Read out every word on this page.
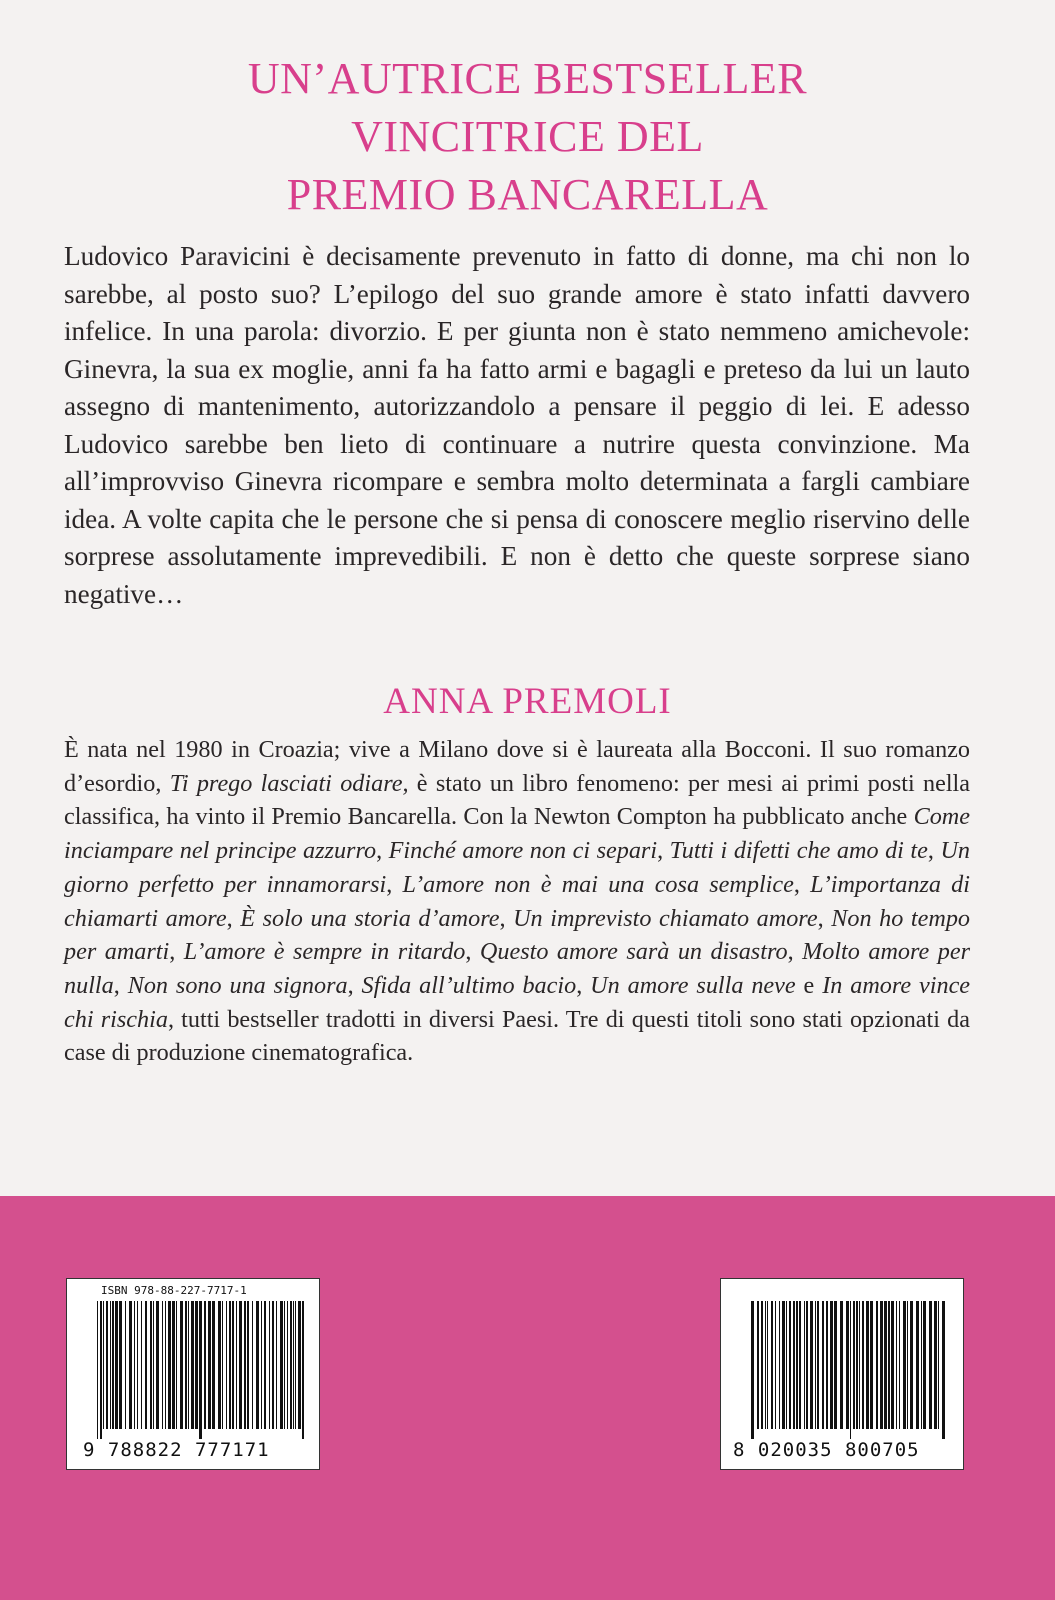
UN’AUTRICE BESTSELLER
VINCITRICE DEL
PREMIO BANCARELLA

Ludovico Paravicini è decisamente prevenuto in fatto di donne, ma chi non lo sarebbe, al posto suo? L’epilogo del suo grande amore è stato infatti davvero infelice. In una parola: divorzio. E per giunta non è stato nemmeno amichevole: Ginevra, la sua ex moglie, anni fa ha fatto armi e bagagli e preteso da lui un lauto assegno di mantenimento, autorizzandolo a pensare il peggio di lei. E adesso Ludovico sarebbe ben lieto di continuare a nutrire questa convinzione. Ma all’improvviso Ginevra ricompare e sembra molto determinata a fargli cambiare idea. A volte capita che le persone che si pensa di conoscere meglio riservino delle sorprese assolutamente imprevedibili. E non è detto che queste sorprese siano negative…

ANNA PREMOLI

È nata nel 1980 in Croazia; vive a Milano dove si è laureata alla Bocconi. Il suo romanzo d’esordio, Ti prego lasciati odiare, è stato un libro fenomeno: per mesi ai primi posti nella classifica, ha vinto il Premio Bancarella. Con la Newton Compton ha pubblicato anche Come inciampare nel principe azzurro, Finché amore non ci separi, Tutti i difetti che amo di te, Un giorno perfetto per innamorarsi, L’amore non è mai una cosa semplice, L’importanza di chiamarti amore, È solo una storia d’amore, Un imprevisto chiamato amore, Non ho tempo per amarti, L’amore è sempre in ritardo, Questo amore sarà un disastro, Molto amore per nulla, Non sono una signora, Sfida all’ultimo bacio, Un amore sulla neve e In amore vince chi rischia, tutti bestseller tradotti in diversi Paesi. Tre di questi titoli sono stati opzionati da case di produzione cinematografica.

ISBN 978-88-227-7717-1
9 788822 777171	8 020035 800705
